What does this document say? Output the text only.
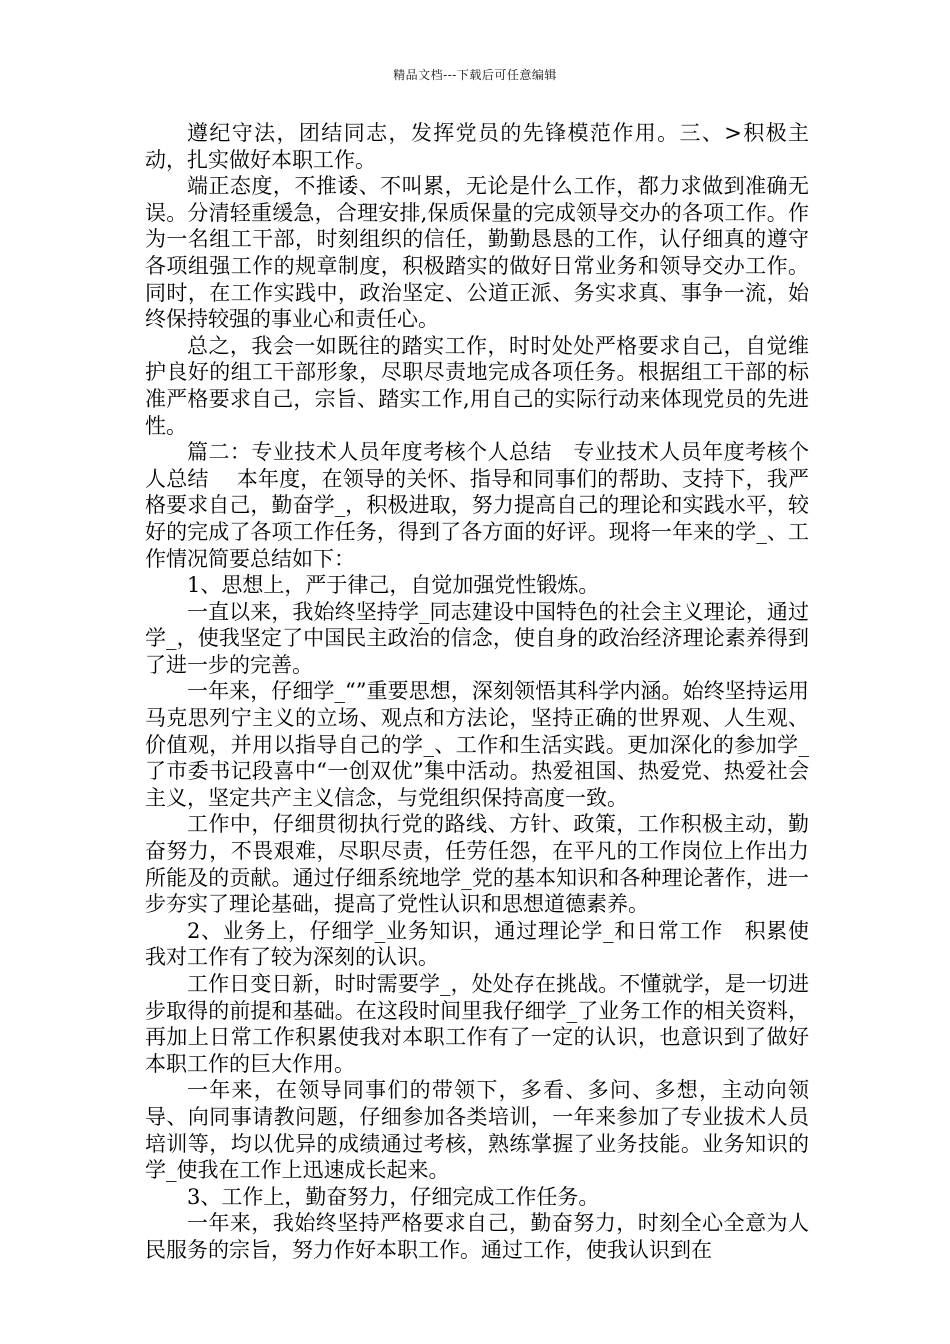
精品文档---下载后可任意编辑

遵纪守法，团结同志，发挥党员的先锋模范作用。三、>积极主动，扎实做好本职工作。

端正态度，不推诿、不叫累，无论是什么工作，都力求做到准确无误。分清轻重缓急，合理安排,保质保量的完成领导交办的各项工作。作为一名组工干部，时刻组织的信任，勤勤恳恳的工作，认仔细真的遵守各项组强工作的规章制度，积极踏实的做好日常业务和领导交办工作。同时，在工作实践中，政治坚定、公道正派、务实求真、事争一流，始终保持较强的事业心和责任心。

总之，我会一如既往的踏实工作，时时处处严格要求自己，自觉维护良好的组工干部形象，尽职尽责地完成各项任务。根据组工干部的标准严格要求自己，宗旨、踏实工作,用自己的实际行动来体现党员的先进性。

篇二：专业技术人员年度考核个人总结　专业技术人员年度考核个人总结　 本年度，在领导的关怀、指导和同事们的帮助、支持下，我严格要求自己，勤奋学_，积极进取，努力提高自己的理论和实践水平，较好的完成了各项工作任务，得到了各方面的好评。现将一年来的学_、工作情况简要总结如下：

1、思想上，严于律己，自觉加强党性锻炼。

一直以来，我始终坚持学_同志建设中国特色的社会主义理论，通过学_，使我坚定了中国民主政治的信念，使自身的政治经济理论素养得到了进一步的完善。

一年来，仔细学_“”重要思想，深刻领悟其科学内涵。始终坚持运用马克思列宁主义的立场、观点和方法论，坚持正确的世界观、人生观、价值观，并用以指导自己的学_、工作和生活实践。更加深化的参加学_了市委书记段喜中“一创双优”集中活动。热爱祖国、热爱党、热爱社会主义，坚定共产主义信念，与党组织保持高度一致。

工作中，仔细贯彻执行党的路线、方针、政策，工作积极主动，勤奋努力，不畏艰难，尽职尽责，任劳任怨，在平凡的工作岗位上作出力所能及的贡献。通过仔细系统地学_党的基本知识和各种理论著作，进一步夯实了理论基础，提高了党性认识和思想道德素养。

2、业务上，仔细学_业务知识，通过理论学_和日常工作　积累使我对工作有了较为深刻的认识。

工作日变日新，时时需要学_，处处存在挑战。不懂就学，是一切进步取得的前提和基础。在这段时间里我仔细学_了业务工作的相关资料，再加上日常工作积累使我对本职工作有了一定的认识，也意识到了做好本职工作的巨大作用。

一年来，在领导同事们的带领下，多看、多问、多想，主动向领导、向同事请教问题，仔细参加各类培训，一年来参加了专业拔术人员培训等，均以优异的成绩通过考核，熟练掌握了业务技能。业务知识的学_使我在工作上迅速成长起来。

3、工作上，勤奋努力，仔细完成工作任务。

一年来，我始终坚持严格要求自己，勤奋努力，时刻全心全意为人民服务的宗旨，努力作好本职工作。通过工作，使我认识到在
